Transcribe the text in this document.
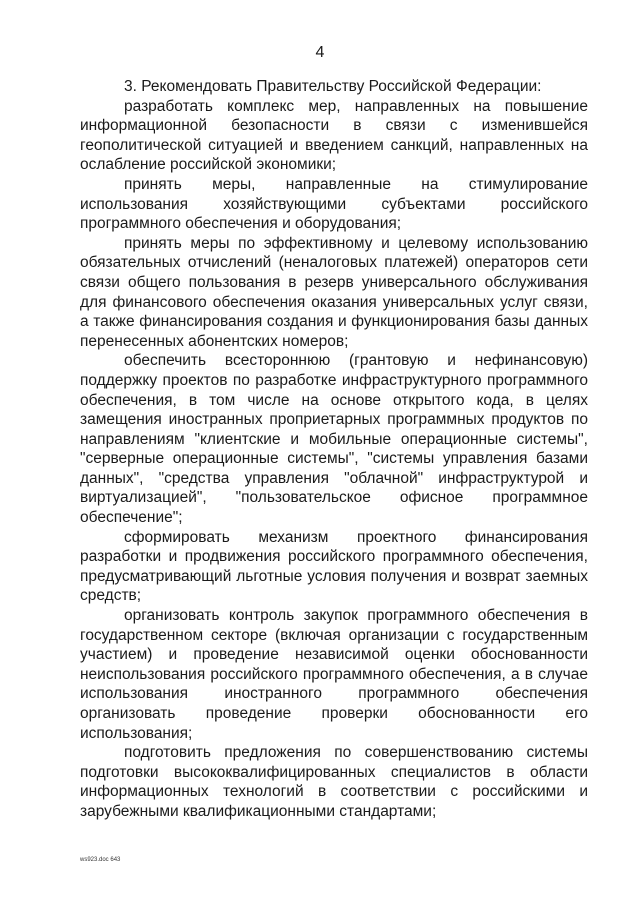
4

3. Рекомендовать Правительству Российской Федерации:

разработать комплекс мер, направленных на повышение информационной безопасности в связи с изменившейся геополитической ситуацией и введением санкций, направленных на ослабление российской экономики;

принять меры, направленные на стимулирование использования хозяйствующими субъектами российского программного обеспечения и оборудования;

принять меры по эффективному и целевому использованию обязательных отчислений (неналоговых платежей) операторов сети связи общего пользования в резерв универсального обслуживания для финансового обеспечения оказания универсальных услуг связи, а также финансирования создания и функционирования базы данных перенесенных абонентских номеров;

обеспечить всестороннюю (грантовую и нефинансовую) поддержку проектов по разработке инфраструктурного программного обеспечения, в том числе на основе открытого кода, в целях замещения иностранных проприетарных программных продуктов по направлениям "клиентские и мобильные операционные системы", "серверные операционные системы", "системы управления базами данных", "средства управления "облачной" инфраструктурой и виртуализацией", "пользовательское офисное программное обеспечение";

сформировать механизм проектного финансирования разработки и продвижения российского программного обеспечения, предусматривающий льготные условия получения и возврат заемных средств;

организовать контроль закупок программного обеспечения в государственном секторе (включая организации с государственным участием) и проведение независимой оценки обоснованности неиспользования российского программного обеспечения, а в случае использования иностранного программного обеспечения организовать проведение проверки обоснованности его использования;

подготовить предложения по совершенствованию системы подготовки высококвалифицированных специалистов в области информационных технологий в соответствии с российскими и зарубежными квалификационными стандартами;

ws923.doc 643
